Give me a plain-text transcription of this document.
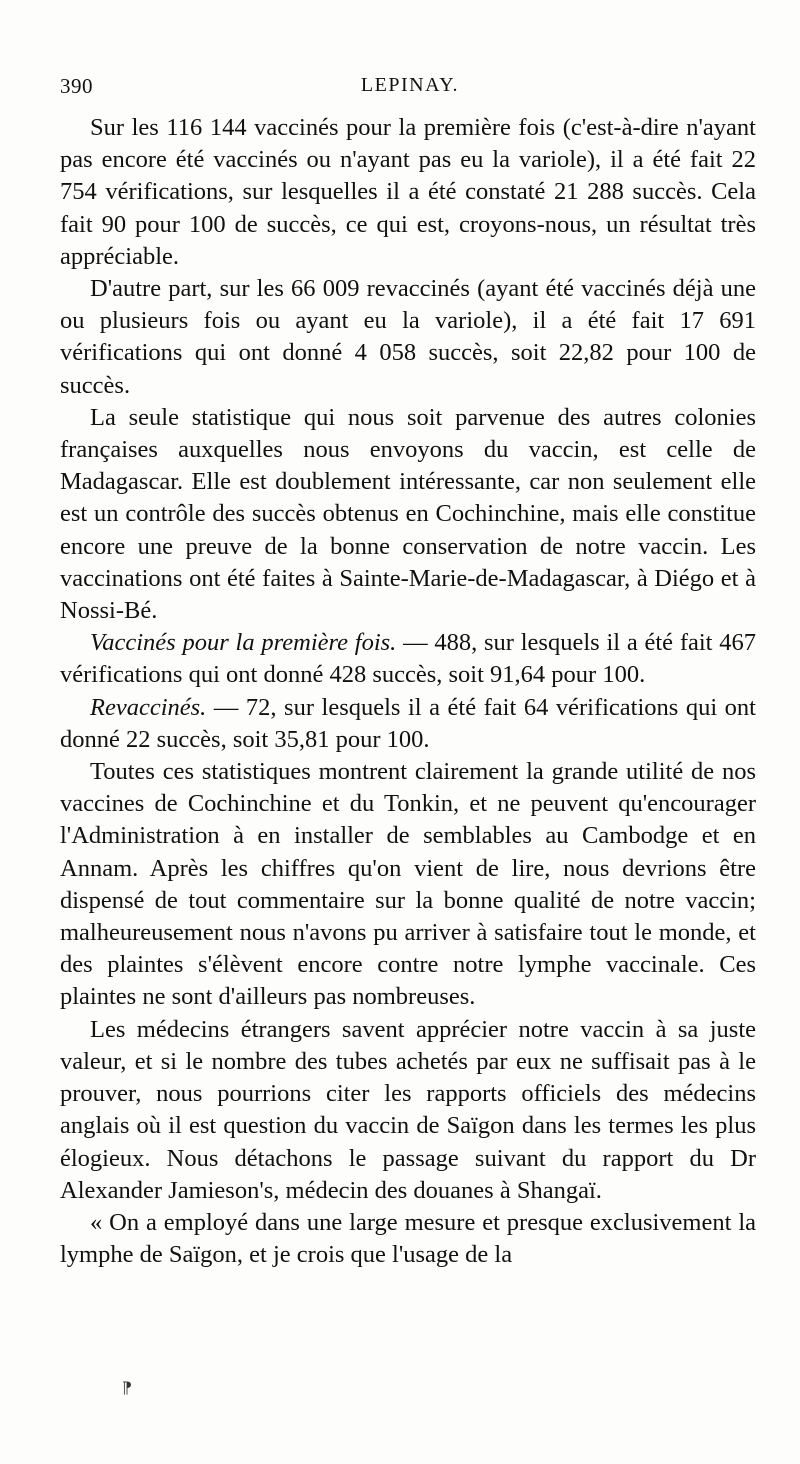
390	LEPINAY.

Sur les 116 144 vaccinés pour la première fois (c'est-à-dire n'ayant pas encore été vaccinés ou n'ayant pas eu la variole), il a été fait 22 754 vérifications, sur lesquelles il a été constaté 21 288 succès. Cela fait 90 pour 100 de succès, ce qui est, croyons-nous, un résultat très appréciable.

D'autre part, sur les 66 009 revaccinés (ayant été vaccinés déjà une ou plusieurs fois ou ayant eu la variole), il a été fait 17 691 vérifications qui ont donné 4 058 succès, soit 22,82 pour 100 de succès.

La seule statistique qui nous soit parvenue des autres colonies françaises auxquelles nous envoyons du vaccin, est celle de Madagascar. Elle est doublement intéressante, car non seulement elle est un contrôle des succès obtenus en Cochinchine, mais elle constitue encore une preuve de la bonne conservation de notre vaccin. Les vaccinations ont été faites à Sainte-Marie-de-Madagascar, à Diégo et à Nossi-Bé.

Vaccinés pour la première fois. — 488, sur lesquels il a été fait 467 vérifications qui ont donné 428 succès, soit 91,64 pour 100.

Revaccinés. — 72, sur lesquels il a été fait 64 vérifications qui ont donné 22 succès, soit 35,81 pour 100.

Toutes ces statistiques montrent clairement la grande utilité de nos vaccines de Cochinchine et du Tonkin, et ne peuvent qu'encourager l'Administration à en installer de semblables au Cambodge et en Annam. Après les chiffres qu'on vient de lire, nous devrions être dispensé de tout commentaire sur la bonne qualité de notre vaccin; malheureusement nous n'avons pu arriver à satisfaire tout le monde, et des plaintes s'élèvent encore contre notre lymphe vaccinale. Ces plaintes ne sont d'ailleurs pas nombreuses.

Les médecins étrangers savent apprécier notre vaccin à sa juste valeur, et si le nombre des tubes achetés par eux ne suffisait pas à le prouver, nous pourrions citer les rapports officiels des médecins anglais où il est question du vaccin de Saïgon dans les termes les plus élogieux. Nous détachons le passage suivant du rapport du Dr Alexander Jamieson's, médecin des douanes à Shangaï.

« On a employé dans une large mesure et presque exclusivement la lymphe de Saïgon, et je crois que l'usage de la

⁋
